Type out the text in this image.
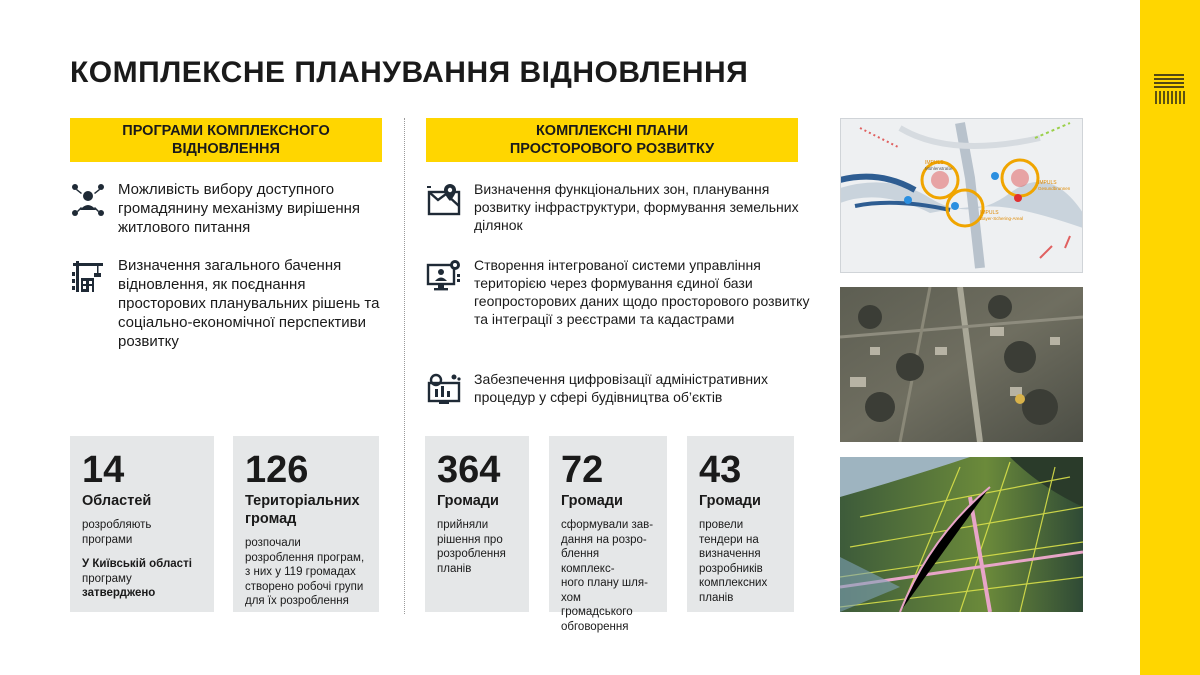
КОМПЛЕКСНЕ ПЛАНУВАННЯ ВІДНОВЛЕННЯ
ПРОГРАМИ КОМПЛЕКСНОГО
ВІДНОВЛЕННЯ
Можливість вибору доступного громадянину механізму вирішення житлового питання
Визначення загального бачення відновлення, як поєднання просторових планувальних рішень та соціально-економічної перспективи розвитку
КОМПЛЕКСНІ ПЛАНИ
ПРОСТОРОВОГО РОЗВИТКУ
Визначення функціональних зон, планування розвитку інфраструктури, формування земельних ділянок
Створення інтегрованої системи управління територією через формування єдиної бази геопросторових даних щодо просторового розвитку та інтеграції з реєстрами та кадастрами
Забезпечення цифровізації адміністративних процедур у сфері будівництва об’єктів
14
Областей
розробляють
програми
У Київській області програму затверджено
126
Територіальних
громад
розпочали
розроблення програм,
з них у 119 громадах
створено робочі групи
для їх розроблення
364
Громади
прийняли
рішення про
розроблення
планів
72
Громади
сформували зав-
дання на розро-
блення комплекс-
ного плану шля-
хом громадського
обговорення
43
Громади
провели
тендери на
визначення
розробників
комплексних
планів
IMPULS
Mühlenstraße
IMPULS
Gesundbrunnen
IMPULS
Bayer-Schering-Areal
